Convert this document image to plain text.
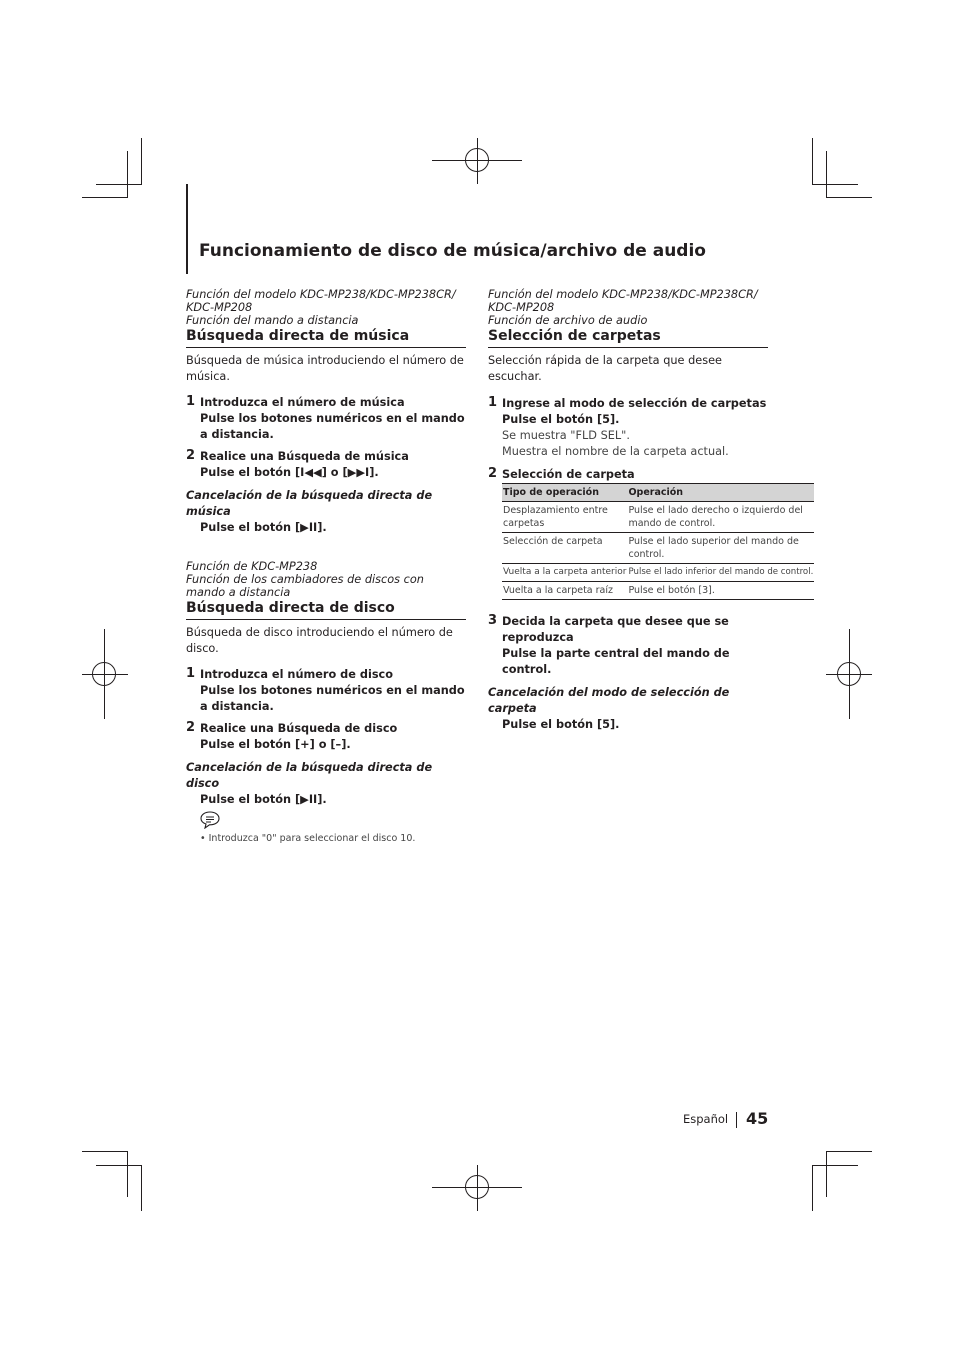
Funcionamiento de disco de música/archivo de audio
Función del modelo KDC-MP238/KDC-MP238CR/
KDC-MP208
Función del mando a distancia
Búsqueda directa de música
Búsqueda de música introduciendo el número de música.
1 Introduzca el número de música
Pulse los botones numéricos en el mando a distancia.
2 Realice una Búsqueda de música
Pulse el botón [I◀◀] o [▶▶I].
Cancelación de la búsqueda directa de música
Pulse el botón [▶II].
Función de KDC-MP238
Función de los cambiadores de discos con mando a distancia
Búsqueda directa de disco
Búsqueda de disco introduciendo el número de disco.
1 Introduzca el número de disco
Pulse los botones numéricos en el mando a distancia.
2 Realice una Búsqueda de disco
Pulse el botón [+] o [–].
Cancelación de la búsqueda directa de disco
Pulse el botón [▶II].
• Introduzca "0" para seleccionar el disco 10.
Función del modelo KDC-MP238/KDC-MP238CR/
KDC-MP208
Función de archivo de audio
Selección de carpetas
Selección rápida de la carpeta que desee escuchar.
1 Ingrese al modo de selección de carpetas
Pulse el botón [5].
Se muestra "FLD SEL".
Muestra el nombre de la carpeta actual.
2 Selección de carpeta
Tipo de operación	Operación
Desplazamiento entre carpetas	Pulse el lado derecho o izquierdo del mando de control.
Selección de carpeta	Pulse el lado superior del mando de control.
Vuelta a la carpeta anterior	Pulse el lado inferior del mando de control.
Vuelta a la carpeta raíz	Pulse el botón [3].
3 Decida la carpeta que desee que se reproduzca
Pulse la parte central del mando de control.
Cancelación del modo de selección de carpeta
Pulse el botón [5].
Español 45
